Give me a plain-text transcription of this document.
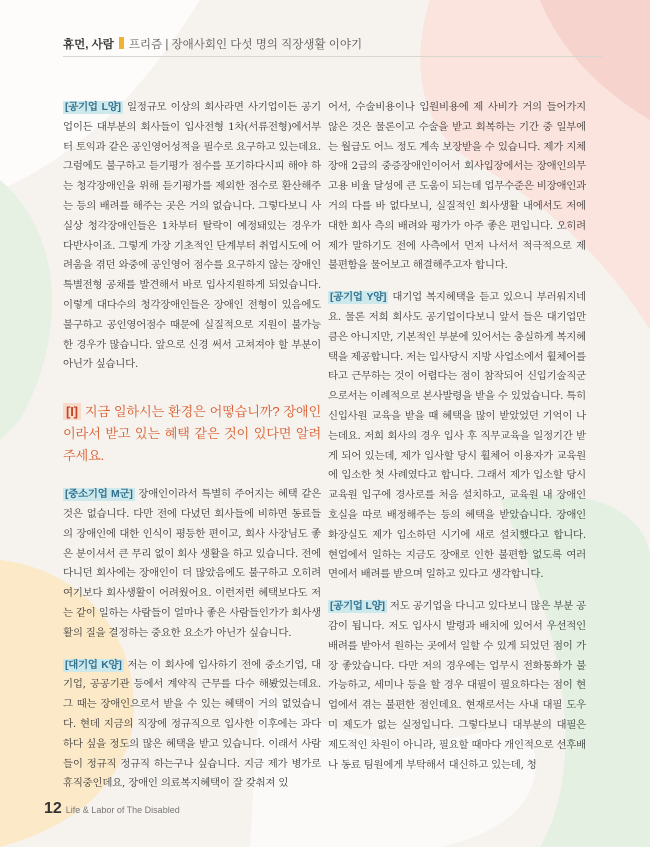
휴먼, 사람 프리즘 | 장애사회인 다섯 명의 직장생활 이야기

[공기업 L양] 일정규모 이상의 회사라면 사기업이든 공기업이든 대부분의 회사들이 입사전형 1차(서류전형)에서부터 토익과 같은 공인영어성적을 필수로 요구하고 있는데요. 그럼에도 불구하고 듣기평가 점수를 포기하다시피 해야 하는 청각장애인을 위해 듣기평가를 제외한 점수로 환산해주는 등의 배려를 해주는 곳은 거의 없습니다. 그렇다보니 사실상 청각장애인들은 1차부터 탈락이 예정돼있는 경우가 다반사이죠. 그렇게 가장 기초적인 단계부터 취업시도에 어려움을 겪던 와중에 공인영어 점수를 요구하지 않는 장애인 특별전형 공채를 발견해서 바로 입사지원하게 되었습니다. 이렇게 대다수의 청각장애인들은 장애인 전형이 있음에도 불구하고 공인영어점수 때문에 실질적으로 지원이 불가능한 경우가 많습니다. 앞으로 신경 써서 고쳐져야 할 부분이 아닌가 싶습니다.

[I] 지금 일하시는 환경은 어떻습니까? 장애인이라서 받고 있는 혜택 같은 것이 있다면 알려주세요.

[중소기업 M군] 장애인이라서 특별히 주어지는 혜택 같은 것은 없습니다. 다만 전에 다녔던 회사들에 비하면 동료들의 장애인에 대한 인식이 평등한 편이고, 회사 사장님도 좋은 분이셔서 큰 무리 없이 회사 생활을 하고 있습니다. 전에 다니던 회사에는 장애인이 더 많았음에도 불구하고 오히려 여기보다 회사생활이 어려웠어요. 이런저런 혜택보다도 저는 같이 일하는 사람들이 얼마나 좋은 사람들인가가 회사생활의 질을 결정하는 중요한 요소가 아닌가 싶습니다.

[대기업 K양] 저는 이 회사에 입사하기 전에 중소기업, 대기업, 공공기관 등에서 계약직 근무를 다수 해봤었는데요. 그 때는 장애인으로서 받을 수 있는 혜택이 거의 없었습니다. 현데 지금의 직장에 정규직으로 입사한 이후에는 과다하다 싶을 정도의 많은 혜택을 받고 있습니다. 이래서 사람들이 정규직 정규직 하는구나 싶습니다. 지금 제가 병가로 휴직중인데요, 장애인 의료복지혜택이 잘 갖춰져 있

어서, 수술비용이나 입원비용에 제 사비가 거의 들어가지 않은 것은 물론이고 수술을 받고 회복하는 기간 중 일부에는 월급도 어느 정도 계속 보장받을 수 있습니다. 제가 지체장애 2급의 중증장애인이어서 회사입장에서는 장애인의무고용 비율 달성에 큰 도움이 되는데 업무수준은 비장애인과 거의 다를 바 없다보니, 실질적인 회사생활 내에서도 저에 대한 회사 측의 배려와 평가가 아주 좋은 편입니다. 오히려 제가 말하기도 전에 사측에서 먼저 나서서 적극적으로 제 불편함을 물어보고 해결해주고자 합니다.

[공기업 Y양] 대기업 복지혜택을 듣고 있으니 부러워지네요. 물론 저희 회사도 공기업이다보니 앞서 들은 대기업만큼은 아니지만, 기본적인 부분에 있어서는 충실하게 복지혜택을 제공합니다. 저는 입사당시 지방 사업소에서 휠체어를 타고 근무하는 것이 어렵다는 점이 참작되어 신입기술직군으로서는 이례적으로 본사발령을 받을 수 있었습니다. 특히 신입사원 교육을 받을 때 혜택을 많이 받았었던 기억이 나는데요. 저희 회사의 경우 입사 후 직무교육을 일정기간 받게 되어 있는데, 제가 입사할 당시 휠체어 이용자가 교육원에 입소한 첫 사례였다고 합니다. 그래서 제가 입소할 당시 교육원 입구에 경사로를 처음 설치하고, 교육원 내 장애인 호실을 따로 배정해주는 등의 혜택을 받았습니다. 장애인 화장실도 제가 입소하던 시기에 새로 설치했다고 합니다. 현업에서 일하는 지금도 장애로 인한 불편함 없도록 여러 면에서 배려를 받으며 일하고 있다고 생각합니다.

[공기업 L양] 저도 공기업을 다니고 있다보니 많은 부분 공감이 됩니다. 저도 입사시 발령과 배치에 있어서 우선적인 배려를 받아서 원하는 곳에서 일할 수 있게 되었던 점이 가장 좋았습니다. 다만 저의 경우에는 업무시 전화통화가 불가능하고, 세미나 등을 할 경우 대필이 필요하다는 점이 현업에서 겪는 불편한 점인데요. 현재로서는 사내 대필 도우미 제도가 없는 실정입니다. 그렇다보니 대부분의 대필은 제도적인 차원이 아니라, 필요할 때마다 개인적으로 선후배나 동료 팀원에게 부탁해서 대신하고 있는데, 청

12 Life & Labor of The Disabled
